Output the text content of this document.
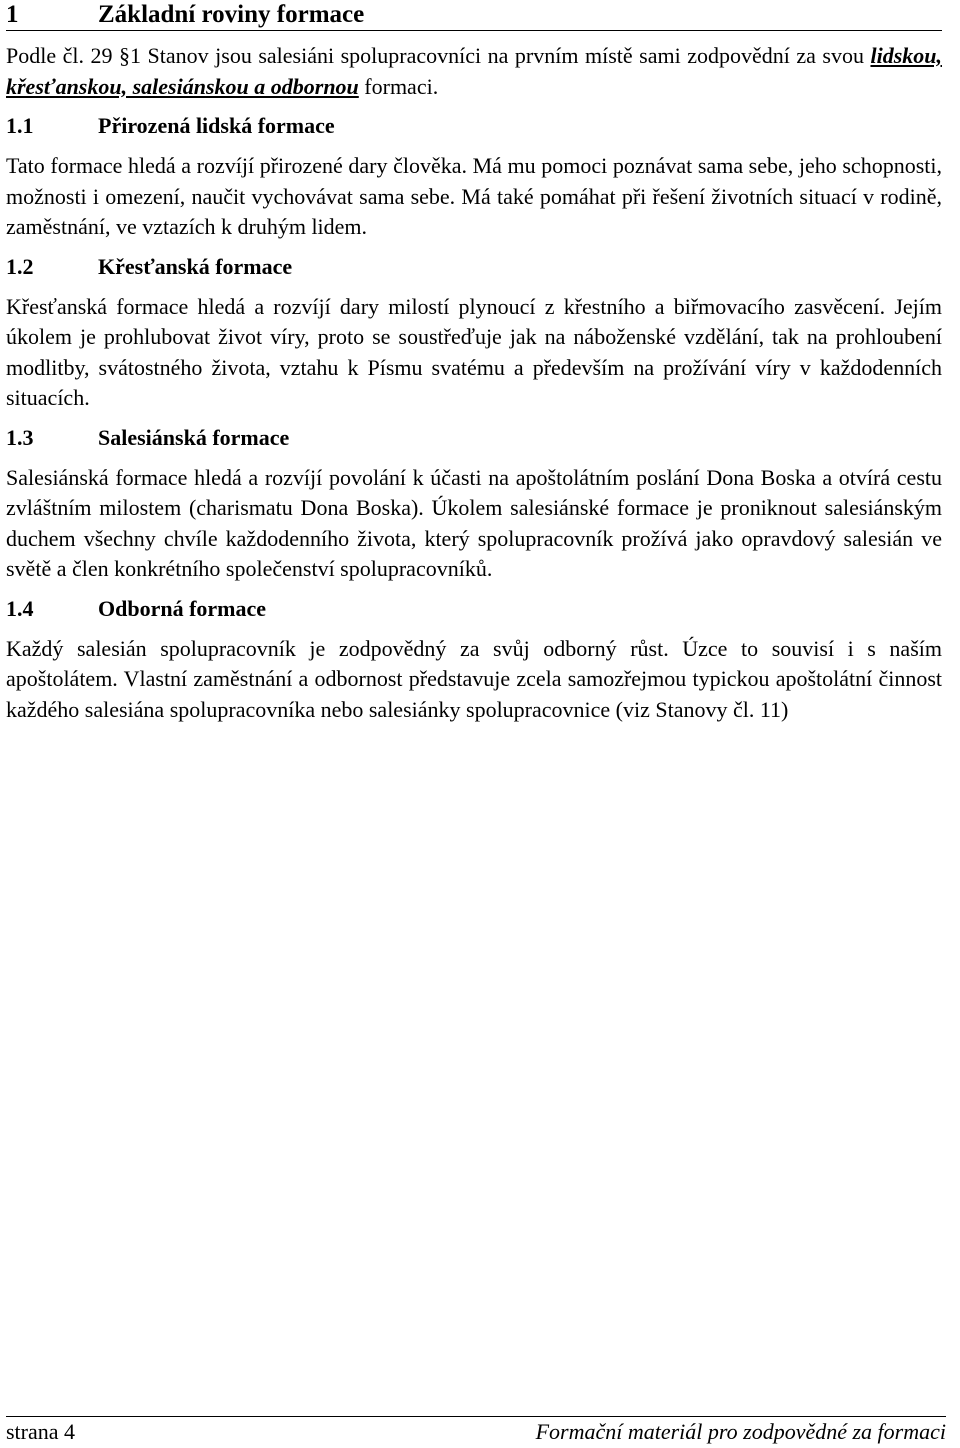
1	Základní roviny formace

Podle čl. 29 §1 Stanov jsou salesiáni spolupracovníci na prvním místě sami zodpovědní za svou lidskou, křesťanskou, salesiánskou a odbornou formaci.

1.1	Přirozená lidská formace

Tato formace hledá a rozvíjí přirozené dary člověka. Má mu pomoci poznávat sama sebe, jeho schopnosti, možnosti i omezení, naučit vychovávat sama sebe. Má také pomáhat při řešení životních situací v rodině, zaměstnání, ve vztazích k druhým lidem.

1.2	Křesťanská formace

Křesťanská formace hledá a rozvíjí dary milostí plynoucí z křestního a biřmovacího zasvěcení. Jejím úkolem je prohlubovat život víry, proto se soustřeďuje jak na náboženské vzdělání, tak na prohloubení modlitby, svátostného života, vztahu k Písmu svatému a především na prožívání víry v každodenních situacích.

1.3	Salesiánská formace

Salesiánská formace hledá a rozvíjí povolání k účasti na apoštolátním poslání Dona Boska a otvírá cestu zvláštním milostem (charismatu Dona Boska). Úkolem salesiánské formace je proniknout salesiánským duchem všechny chvíle každodenního života, který spolupracovník prožívá jako opravdový salesián ve světě a člen konkrétního společenství spolupracovníků.

1.4	Odborná formace

Každý salesián spolupracovník je zodpovědný za svůj odborný růst. Úzce to souvisí i s naším apoštolátem. Vlastní zaměstnání a odbornost představuje zcela samozřejmou typickou apoštolátní činnost každého salesiána spolupracovníka nebo salesiánky spolupracovnice (viz Stanovy čl. 11)

strana 4	Formační materiál pro zodpovědné za formaci
